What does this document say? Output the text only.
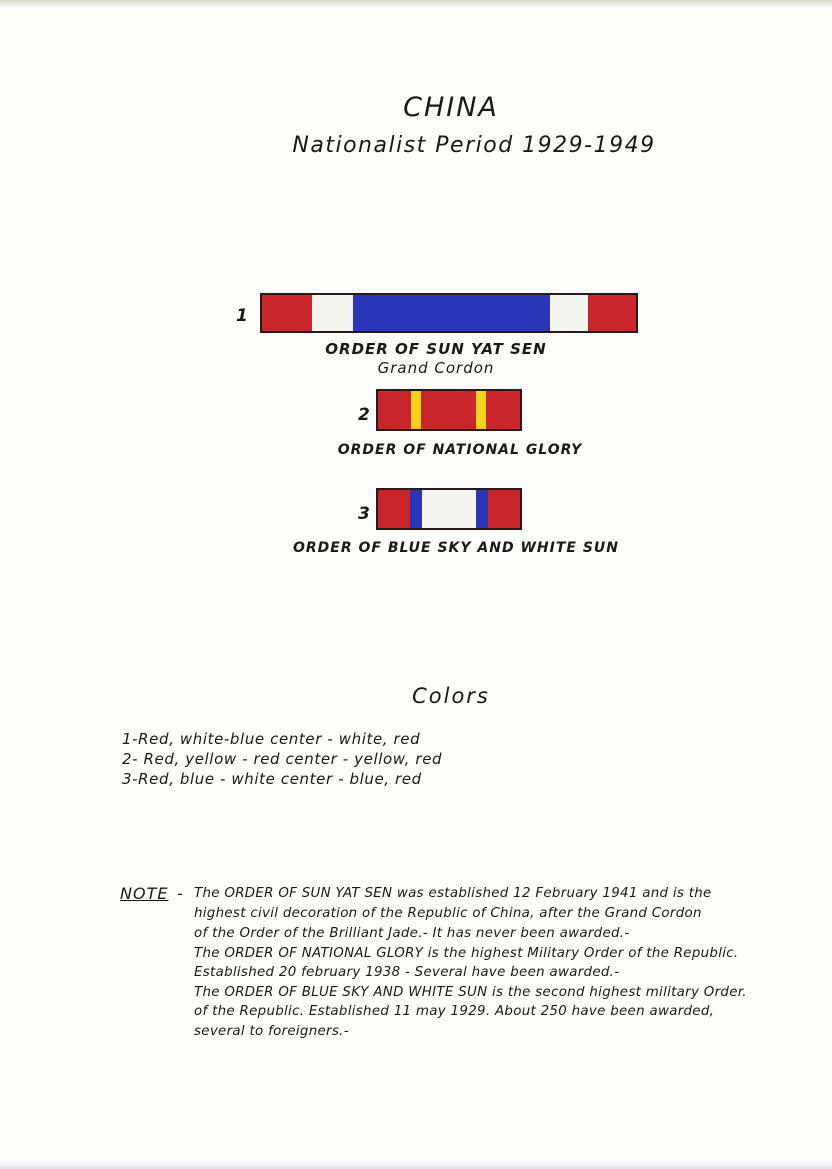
CHINA
Nationalist Period 1929-1949
1
ORDER OF SUN YAT SEN
Grand Cordon
2
ORDER OF NATIONAL GLORY
3
ORDER OF BLUE SKY AND WHITE SUN
Colors
1-Red, white-blue center - white, red
2- Red, yellow - red center - yellow, red
3-Red, blue - white center - blue, red
NOTE - The ORDER OF SUN YAT SEN was established 12 February 1941 and is the
highest civil decoration of the Republic of China, after the Grand Cordon
of the Order of the Brilliant Jade.- It has never been awarded.-
The ORDER OF NATIONAL GLORY is the highest Military Order of the Republic.
Established 20 february 1938 - Several have been awarded.-
The ORDER OF BLUE SKY AND WHITE SUN is the second highest military Order.
of the Republic. Established 11 may 1929. About 250 have been awarded,
several to foreigners.-
